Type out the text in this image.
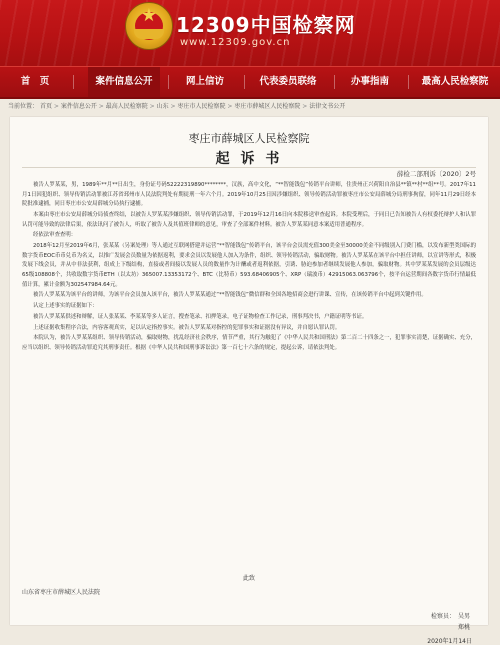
★ 12309中国检察网
www.12309.gov.cn
首　页	案件信息公开	网上信访	代表委员联络	办事指南	最高人民检察院
当前位置： 首页 > 案件信息公开 > 最高人民检察院 > 山东 > 枣庄市人民检察院 > 枣庄市薛城区人民检察院 > 法律文书公开
枣庄市薛城区人民检察院
起 诉 书
薛检二部刑诉〔2020〕2号

被告人罗某某，男，1989年**月**日出生，身份证号码52222319890********，汉族，高中文化，“**智能钱包”传销平台讲师，住贵州正兴荷阳自治县**镇**村**组**号。2017年11月1日因犯组织、领导传销活动罪被江苏省邳州市人民法院判处有期徒刑一年六个月。2019年10月25日因涉嫌组织、领导传销活动罪被枣庄市公安局薛城分局刑事拘留，同年11月29日经本院批准逮捕，同日枣庄市公安局薛城分局执行逮捕。

本案由枣庄市公安局薛城分局侦查终结，以被告人罗某某涉嫌组织、领导传销活动罪，于2019年12月16日向本院移送审查起诉。本院受理后，于同日已告知被告人有权委托辩护人和认罪认罚可能导致的法律后果，依法讯问了被告人，听取了被告人及其值班律师的意见，审查了全部案件材料。被告人罗某某同意本案适用普通程序。

经依法审查查明：

2018年12月至2019年6月，张某某（另案处理）等人通过互联网搭建并运营“**智能钱包”传销平台，该平台会员需充值300美金至30000美金不同级别入门费门槛，以发布新型类国际的数字货币EOC币币兑币为名义，以推广发展会员数量为依据返利，要求会员以发展他人加入为条件，组织、领导传销活动，骗取财物。被告人罗某某在该平台中担任讲师，以宣讲等形式，积极发展下线会员，并从中非法获利，组成上下级结构，直接或者间接以发展人员的数量作为计酬或者返利依据，引诱、胁迫参加者继续发展他人参加，骗取财物。其中罗某某发展的会员层级达65级108808个，共收取数字货币ETH（以太坊）365007.13353172个、BTC（比特币）593.68406905个、XRP（瑞波币）42915063.063796个，按平台运营期间各数字货币行情最低值计算，累计金额为302547984.64元。

被告人罗某某为该平台的讲师，为该平台会员加入该平台，被告人罗某某通过“**智能钱包”微信群和全国各地招商会进行讲课、宣传，在该传销平台中起到关键作用。

认定上述事实的证据如下：

被告人罗某某供述和辩解，证人张某某、李某某等多人证言，搜查笔录、扣押笔录，电子证物检查工作记录，刑事判决书，户籍证明等书证。

上述证据收集程序合法，内容客观真实，足以认定指控事实。被告人罗某某对指控的犯罪事实和证据没有异议，并自愿认罪认罚。

本院认为，被告人罗某某组织、领导传销活动，骗取财物，扰乱经济社会秩序，情节严重，其行为触犯了《中华人民共和国刑法》第二百二十四条之一，犯罪事实清楚，证据确实、充分，应当以组织、领导传销活动罪追究其刑事责任。根据《中华人民共和国刑事诉讼法》第一百七十六条的规定，提起公诉，请依法判处。

此致
山东省枣庄市薛城区人民法院
检察员：　吴男
郑桃
2020年1月14日
